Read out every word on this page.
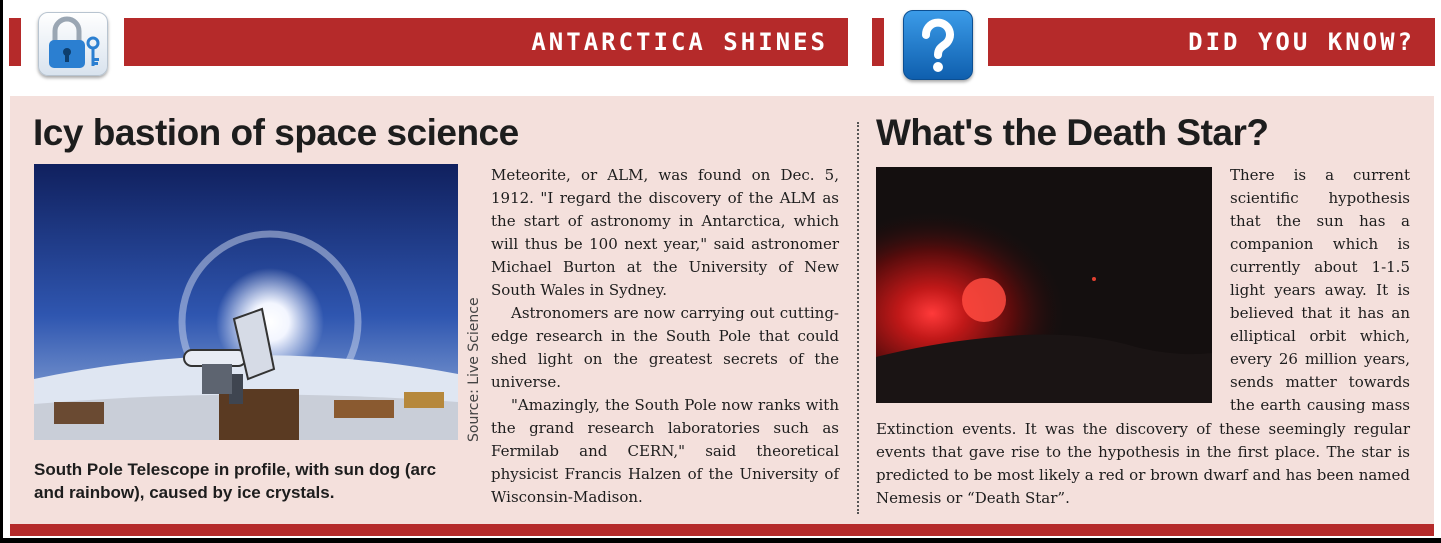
ANTARCTICA SHINES	DID YOU KNOW?
Icy bastion of space science
South Pole Telescope in profile, with sun dog (arc and rainbow), caused by ice crystals.
Source: Live Science

Meteorite, or ALM, was found on Dec. 5, 1912. "I regard the discovery of the ALM as the start of astronomy in Antarctica, which will thus be 100 next year," said astronomer Michael Burton at the University of New South Wales in Sydney.

Astronomers are now carrying out cutting-edge research in the South Pole that could shed light on the greatest secrets of the universe.

"Amazingly, the South Pole now ranks with the grand research laboratories such as Fermilab and CERN," said theoretical physicist Francis Halzen of the University of Wisconsin-Madison.

What's the Death Star?
There is a current scientific hypothesis that the sun has a companion which is currently about 1-1.5 light years away. It is believed that it has an elliptical orbit which, every 26 million years, sends matter towards the earth causing mass
Extinction events. It was the discovery of these seemingly regular events that gave rise to the hypothesis in the first place. The star is predicted to be most likely a red or brown dwarf and has been named Nemesis or “Death Star”.
